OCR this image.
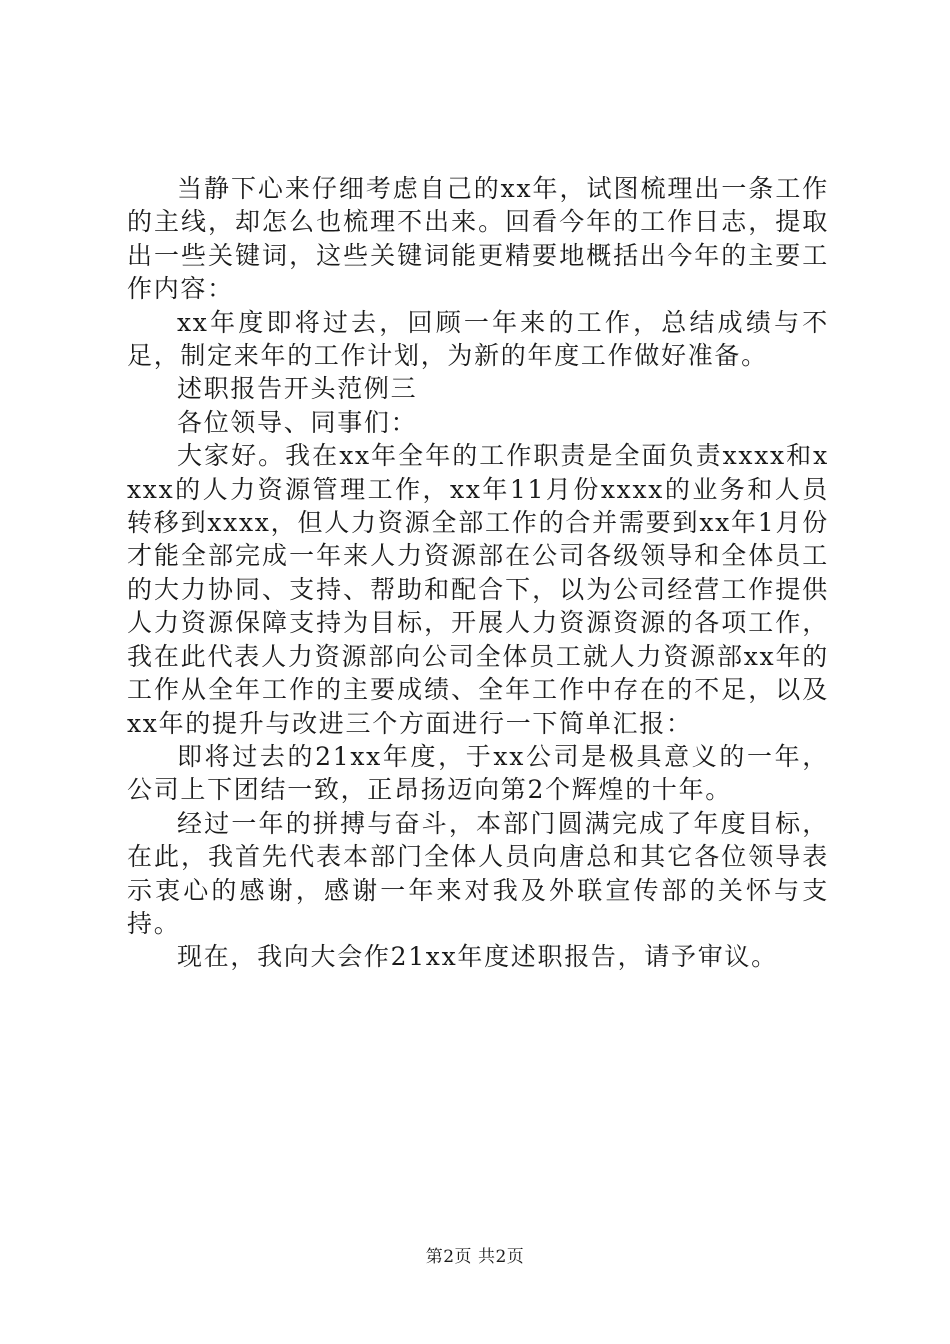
当静下心来仔细考虑自己的xx年，试图梳理出一条工作的主线，却怎么也梳理不出来。回看今年的工作日志，提取出一些关键词，这些关键词能更精要地概括出今年的主要工作内容：

xx年度即将过去，回顾一年来的工作，总结成绩与不足，制定来年的工作计划，为新的年度工作做好准备。

述职报告开头范例三

各位领导、同事们：

大家好。我在xx年全年的工作职责是全面负责xxxx和xxxx的人力资源管理工作，xx年11月份xxxx的业务和人员转移到xxxx，但人力资源全部工作的合并需要到xx年1月份才能全部完成一年来人力资源部在公司各级领导和全体员工的大力协同、支持、帮助和配合下，以为公司经营工作提供人力资源保障支持为目标，开展人力资源资源的各项工作，我在此代表人力资源部向公司全体员工就人力资源部xx年的工作从全年工作的主要成绩、全年工作中存在的不足，以及xx年的提升与改进三个方面进行一下简单汇报：

即将过去的21xx年度，于xx公司是极具意义的一年，公司上下团结一致，正昂扬迈向第2个辉煌的十年。

经过一年的拼搏与奋斗，本部门圆满完成了年度目标，在此，我首先代表本部门全体人员向唐总和其它各位领导表示衷心的感谢，感谢一年来对我及外联宣传部的关怀与支持。

现在，我向大会作21xx年度述职报告，请予审议。

第2页 共2页
